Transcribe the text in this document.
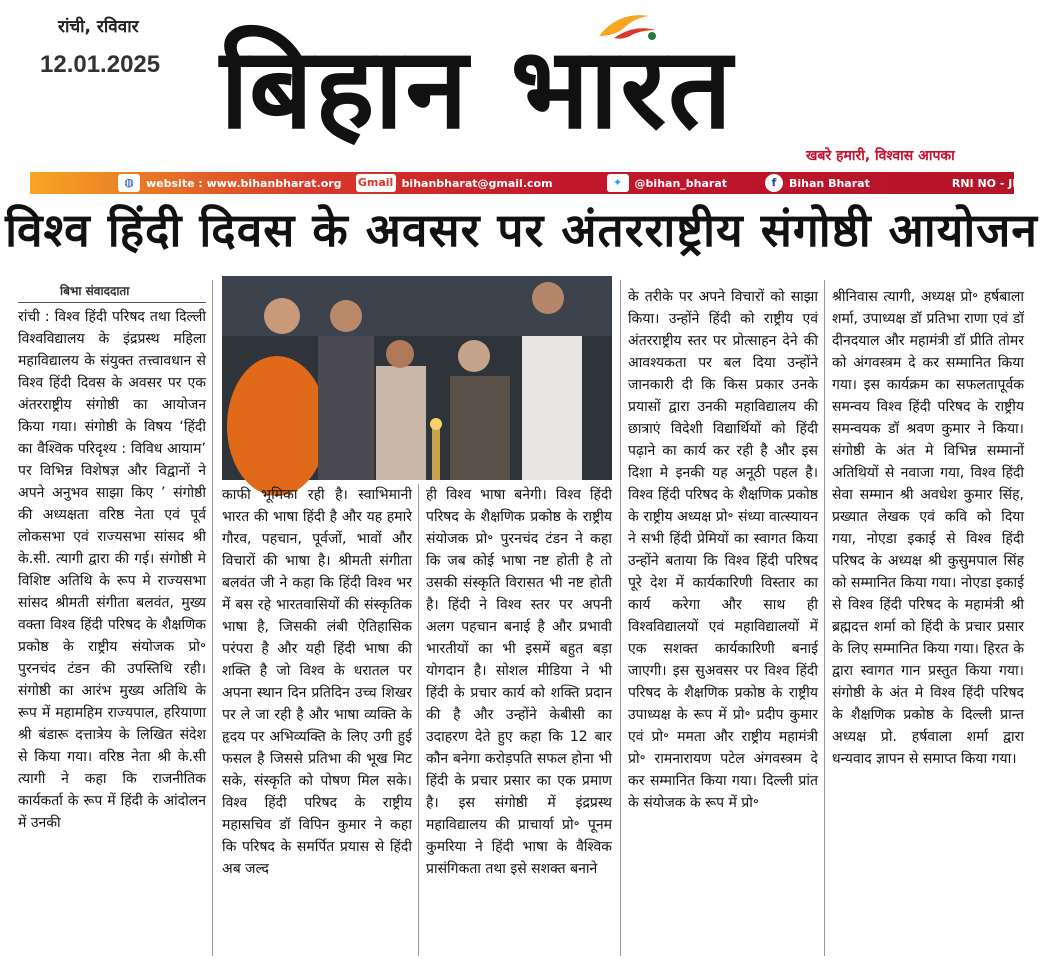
रांची, रविवार
12.01.2025 बिहान भारत
खबरे हमारी, विश्वास आपका
◍	website : www.bihanbharat.org Gmail bihanbharat@gmail.com	✦	@bihan_bharat	f	Bihan Bharat	RNI NO - JHAHIN/
विश्व हिंदी दिवस के अवसर पर अंतरराष्ट्रीय संगोष्ठी आयोजन
बिभा संवाददाता

रांची : विश्व हिंदी परिषद तथा दिल्ली विश्वविद्यालय के इंद्रप्रस्थ महिला महाविद्यालय के संयुक्त तत्त्वावधान से विश्व हिंदी दिवस के अवसर पर एक अंतरराष्ट्रीय संगोष्ठी का आयोजन किया गया। संगोष्ठी के विषय ‘हिंदी का वैश्विक परिदृश्य : विविध आयाम’ पर विभिन्न विशेषज्ञ और विद्वानों ने अपने अनुभव साझा किए ’ संगोष्ठी की अध्यक्षता वरिष्ठ नेता एवं पूर्व लोकसभा एवं राज्यसभा सांसद श्री के.सी. त्यागी द्वारा की गई। संगोष्ठी मे विशिष्ट अतिथि के रूप मे राज्यसभा सांसद श्रीमती संगीता बलवंत, मुख्य वक्ता विश्व हिंदी परिषद के शैक्षणिक प्रकोष्ठ के राष्ट्रीय संयोजक प्रो॰ पुरनचंद टंडन की उपस्तिथि रही। संगोष्ठी का आरंभ मुख्य अतिथि के रूप में महामहिम राज्यपाल, हरियाणा श्री बंडारू दत्तात्रेय के लिखित संदेश से किया गया। वरिष्ठ नेता श्री के.सी त्यागी ने कहा कि राजनीतिक कार्यकर्ता के रूप में हिंदी के आंदोलन में उनकी

काफी भूमिका रही है। स्वाभिमानी भारत की भाषा हिंदी है और यह हमारे गौरव, पहचान, पूर्वजों, भावों और विचारों की भाषा है। श्रीमती संगीता बलवंत जी ने कहा कि हिंदी विश्व भर में बस रहे भारतवासियों की संस्कृतिक भाषा है, जिसकी लंबी ऐतिहासिक परंपरा है और यही हिंदी भाषा की शक्ति है जो विश्व के धरातल पर अपना स्थान दिन प्रतिदिन उच्च शिखर पर ले जा रही है और भाषा व्यक्ति के हृदय पर अभिव्यक्ति के लिए उगी हुई फसल है जिससे प्रतिभा की भूख मिट सके, संस्कृति को पोषण मिल सके। विश्व हिंदी परिषद के राष्ट्रीय महासचिव डॉ विपिन कुमार ने कहा कि परिषद के समर्पित प्रयास से हिंदी अब जल्द

ही विश्व भाषा बनेगी। विश्व हिंदी परिषद के शैक्षणिक प्रकोष्ठ के राष्ट्रीय संयोजक प्रो॰ पुरनचंद टंडन ने कहा कि जब कोई भाषा नष्ट होती है तो उसकी संस्कृति विरासत भी नष्ट होती है। हिंदी ने विश्व स्तर पर अपनी अलग पहचान बनाई है और प्रभावी भारतीयों का भी इसमें बहुत बड़ा योगदान है। सोशल मीडिया ने भी हिंदी के प्रचार कार्य को शक्ति प्रदान की है और उन्होंने केबीसी का उदाहरण देते हुए कहा कि 12 बार कौन बनेगा करोड़पति सफल होना भी हिंदी के प्रचार प्रसार का एक प्रमाण है। इस संगोष्ठी में इंद्रप्रस्थ महाविद्यालय की प्राचार्या प्रो॰ पूनम कुमरिया ने हिंदी भाषा के वैश्विक प्रासंगिकता तथा इसे सशक्त बनाने

के तरीके पर अपने विचारों को साझा किया। उन्होंने हिंदी को राष्ट्रीय एवं अंतरराष्ट्रीय स्तर पर प्रोत्साहन देने की आवश्यकता पर बल दिया उन्होंने जानकारी दी कि किस प्रकार उनके प्रयासों द्वारा उनकी महाविद्यालय की छात्राएं विदेशी विद्यार्थियों को हिंदी पढ़ाने का कार्य कर रही है और इस दिशा मे इनकी यह अनूठी पहल है। विश्व हिंदी परिषद के शैक्षणिक प्रकोष्ठ के राष्ट्रीय अध्यक्ष प्रो॰ संध्या वात्स्यायन ने सभी हिंदी प्रेमियों का स्वागत किया उन्होंने बताया कि विश्व हिंदी परिषद पूरे देश में कार्यकारिणी विस्तार का कार्य करेगा और साथ ही विश्वविद्यालयों एवं महाविद्यालयों में एक सशक्त कार्यकारिणी बनाई जाएगी। इस सुअवसर पर विश्व हिंदी परिषद के शैक्षणिक प्रकोष्ठ के राष्ट्रीय उपाध्यक्ष के रूप में प्रो॰ प्रदीप कुमार एवं प्रो॰ ममता और राष्ट्रीय महामंत्री प्रो॰ रामनारायण पटेल अंगवस्त्रम दे कर सम्मानित किया गया। दिल्ली प्रांत के संयोजक के रूप में प्रो॰

श्रीनिवास त्यागी, अध्यक्ष प्रो॰ हर्षबाला शर्मा, उपाध्यक्ष डॉ प्रतिभा राणा एवं डॉ दीनदयाल और महामंत्री डॉ प्रीति तोमर को अंगवस्त्रम दे कर सम्मानित किया गया। इस कार्यक्रम का सफलतापूर्वक समन्वय विश्व हिंदी परिषद के राष्ट्रीय समन्वयक डॉ श्रवण कुमार ने किया। संगोष्ठी के अंत मे विभिन्न सम्मानों अतिथियों से नवाजा गया, विश्व हिंदी सेवा सम्मान श्री अवधेश कुमार सिंह, प्रख्यात लेखक एवं कवि को दिया गया, नोएडा इकाई से विश्व हिंदी परिषद के अध्यक्ष श्री कुसुमपाल सिंह को सम्मानित किया गया। नोएडा इकाई से विश्व हिंदी परिषद के महामंत्री श्री ब्रह्मदत्त शर्मा को हिंदी के प्रचार प्रसार के लिए सम्मानित किया गया। हिरत के द्वारा स्वागत गान प्रस्तुत किया गया। संगोष्ठी के अंत मे विश्व हिंदी परिषद के शैक्षणिक प्रकोष्ठ के दिल्ली प्रान्त अध्यक्ष प्रो. हर्षवाला शर्मा द्वारा धन्यवाद ज्ञापन से समाप्त किया गया।
